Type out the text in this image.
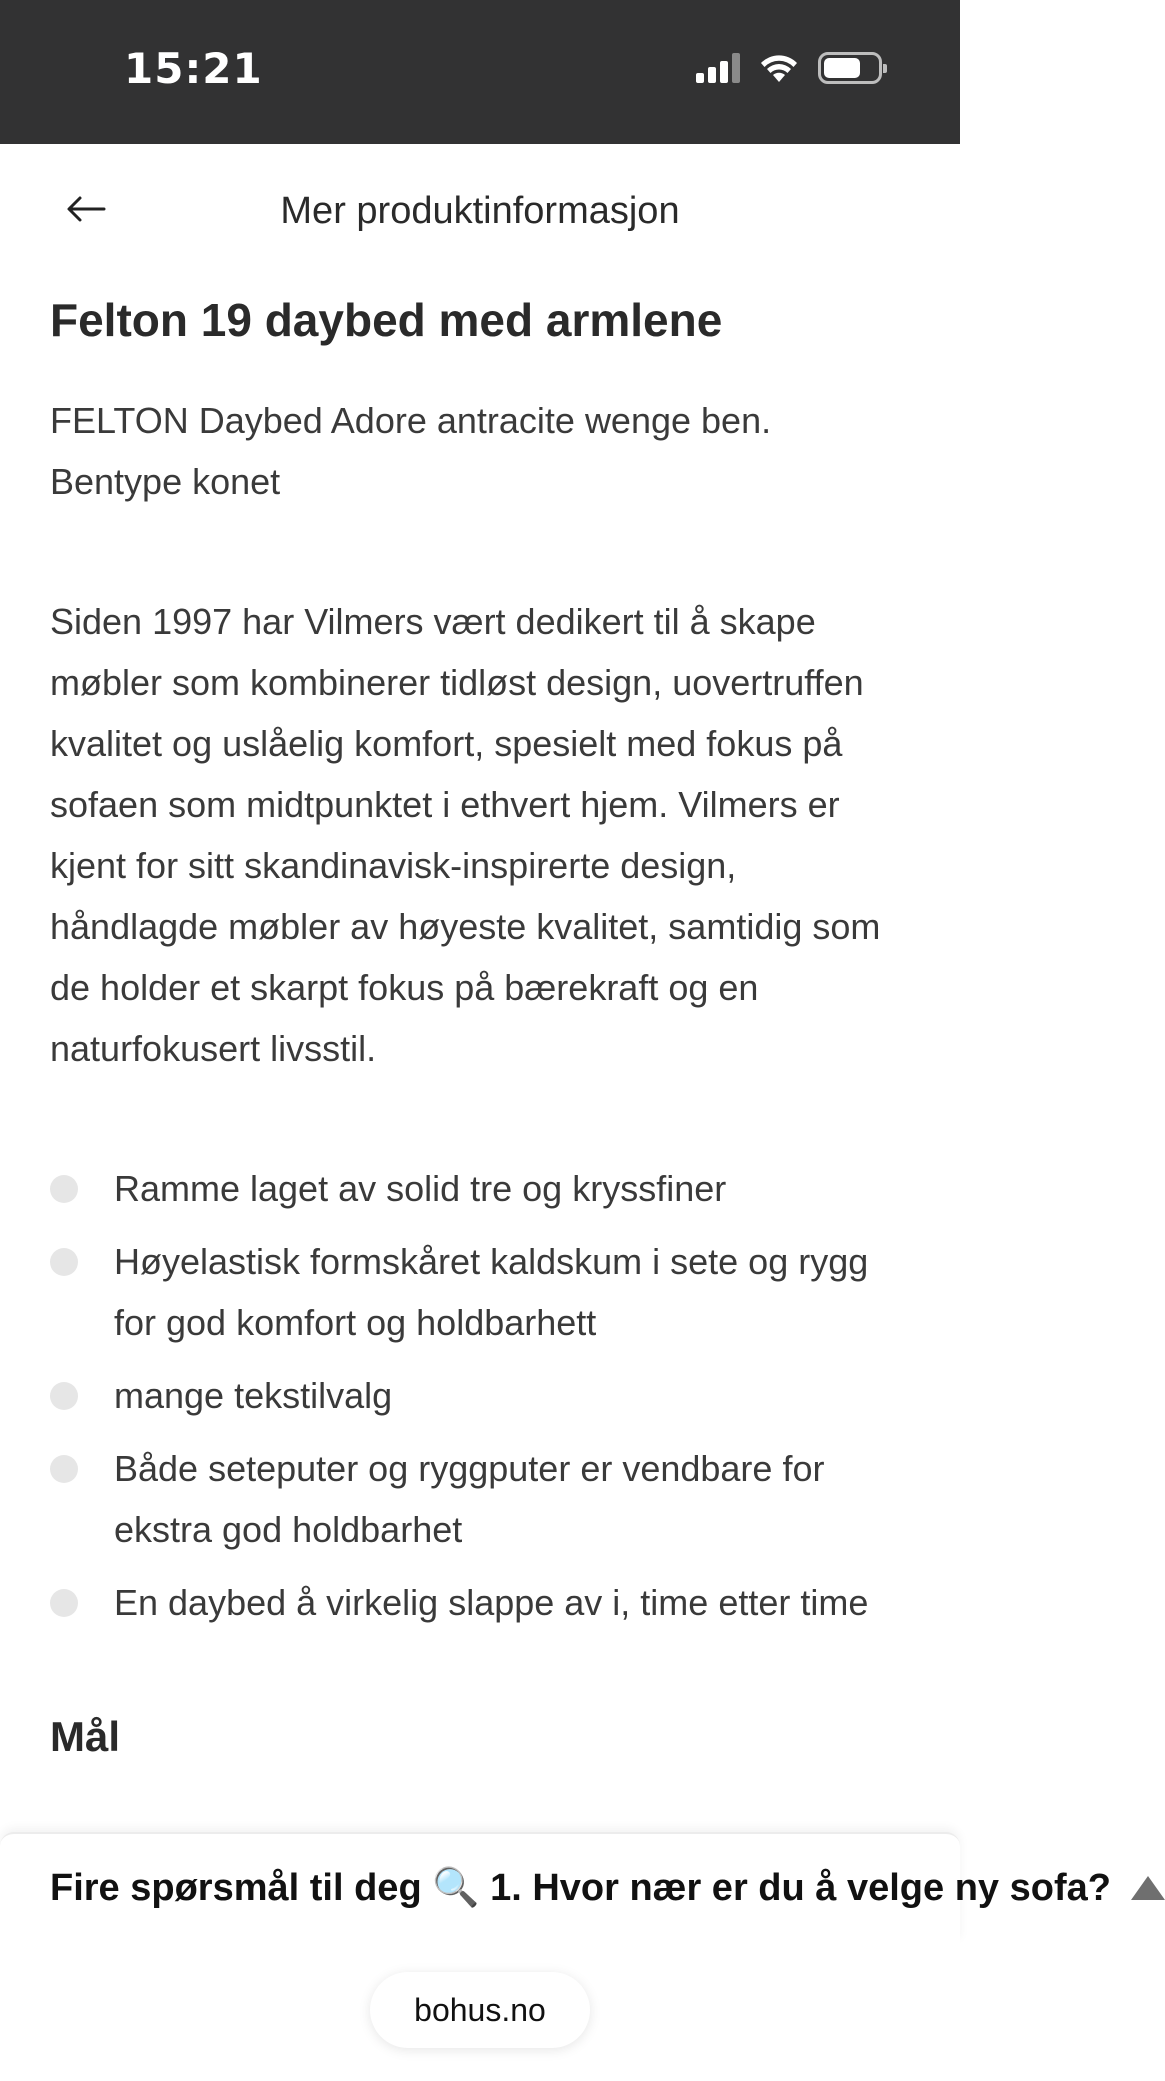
15:21
Mer produktinformasjon
Felton 19 daybed med armlene

FELTON Daybed Adore antracite wenge ben. Bentype konet

Siden 1997 har Vilmers vært dedikert til å skape møbler som kombinerer tidløst design, uovertruffen kvalitet og uslåelig komfort, spesielt med fokus på sofaen som midtpunktet i ethvert hjem. Vilmers er kjent for sitt skandinavisk-inspirerte design, håndlagde møbler av høyeste kvalitet, samtidig som de holder et skarpt fokus på bærekraft og en naturfokusert livsstil.

Ramme laget av solid tre og kryssfiner
Høyelastisk formskåret kaldskum i sete og rygg for god komfort og holdbarhett
mange tekstilvalg
Både seteputer og ryggputer er vendbare for ekstra god holdbarhet
En daybed å virkelig slappe av i, time etter time
Mål
Fire spørsmål til deg 🔍 1. Hvor nær er du å velge ny sofa?
bohus.no
